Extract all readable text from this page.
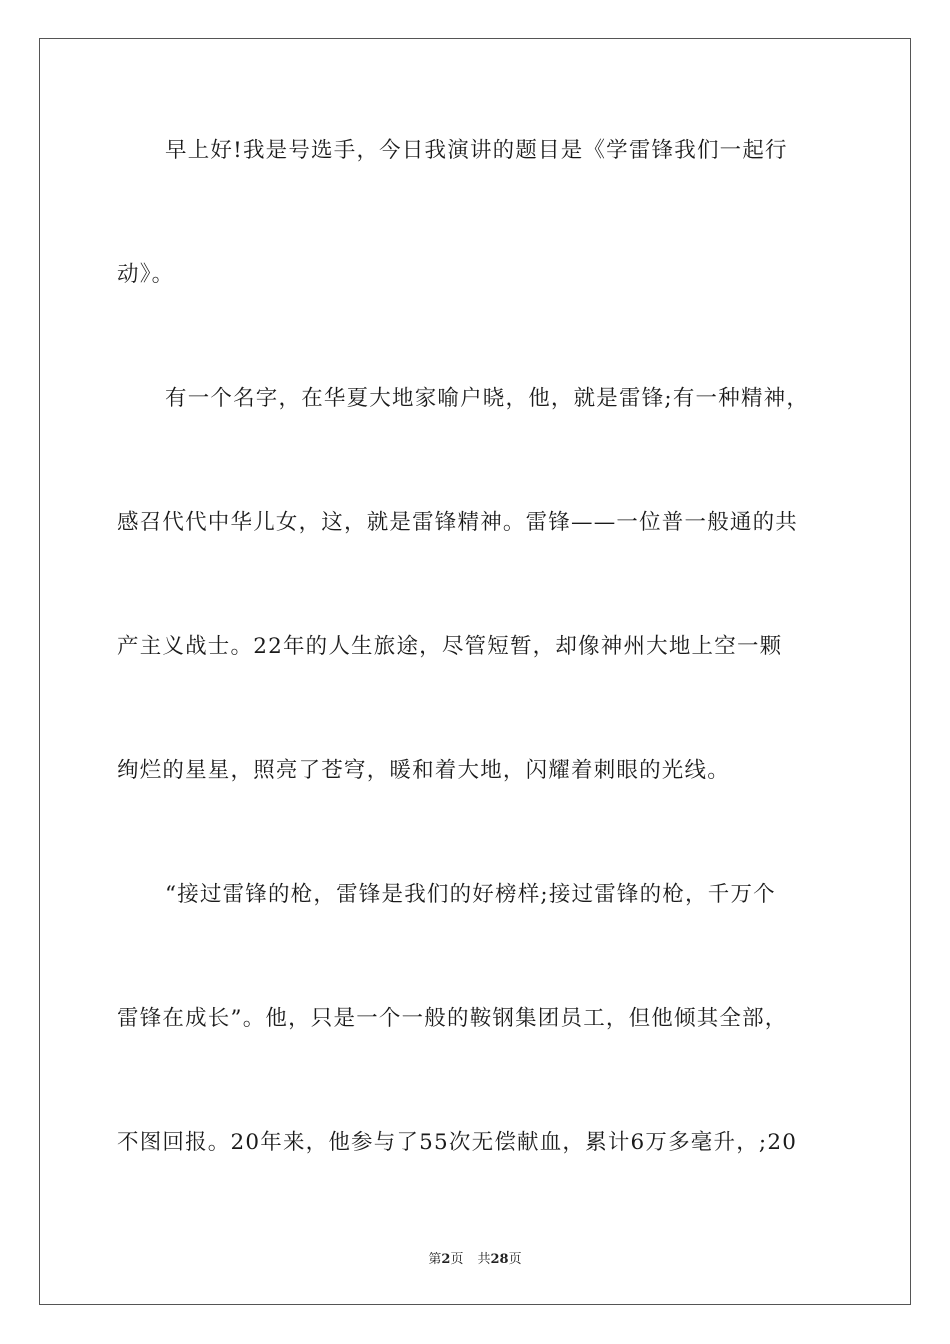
早上好!我是号选手，今日我演讲的题目是《学雷锋我们一起行
动》。
有一个名字，在华夏大地家喻户晓，他，就是雷锋;有一种精神，
感召代代中华儿女，这，就是雷锋精神。雷锋——一位普一般通的共
产主义战士。22年的人生旅途，尽管短暂，却像神州大地上空一颗
绚烂的星星，照亮了苍穹，暖和着大地，闪耀着刺眼的光线。
“接过雷锋的枪，雷锋是我们的好榜样;接过雷锋的枪，千万个
雷锋在成长”。他，只是一个一般的鞍钢集团员工，但他倾其全部，
不图回报。20年来，他参与了55次无偿献血，累计6万多毫升，;20
第2页 共28页
